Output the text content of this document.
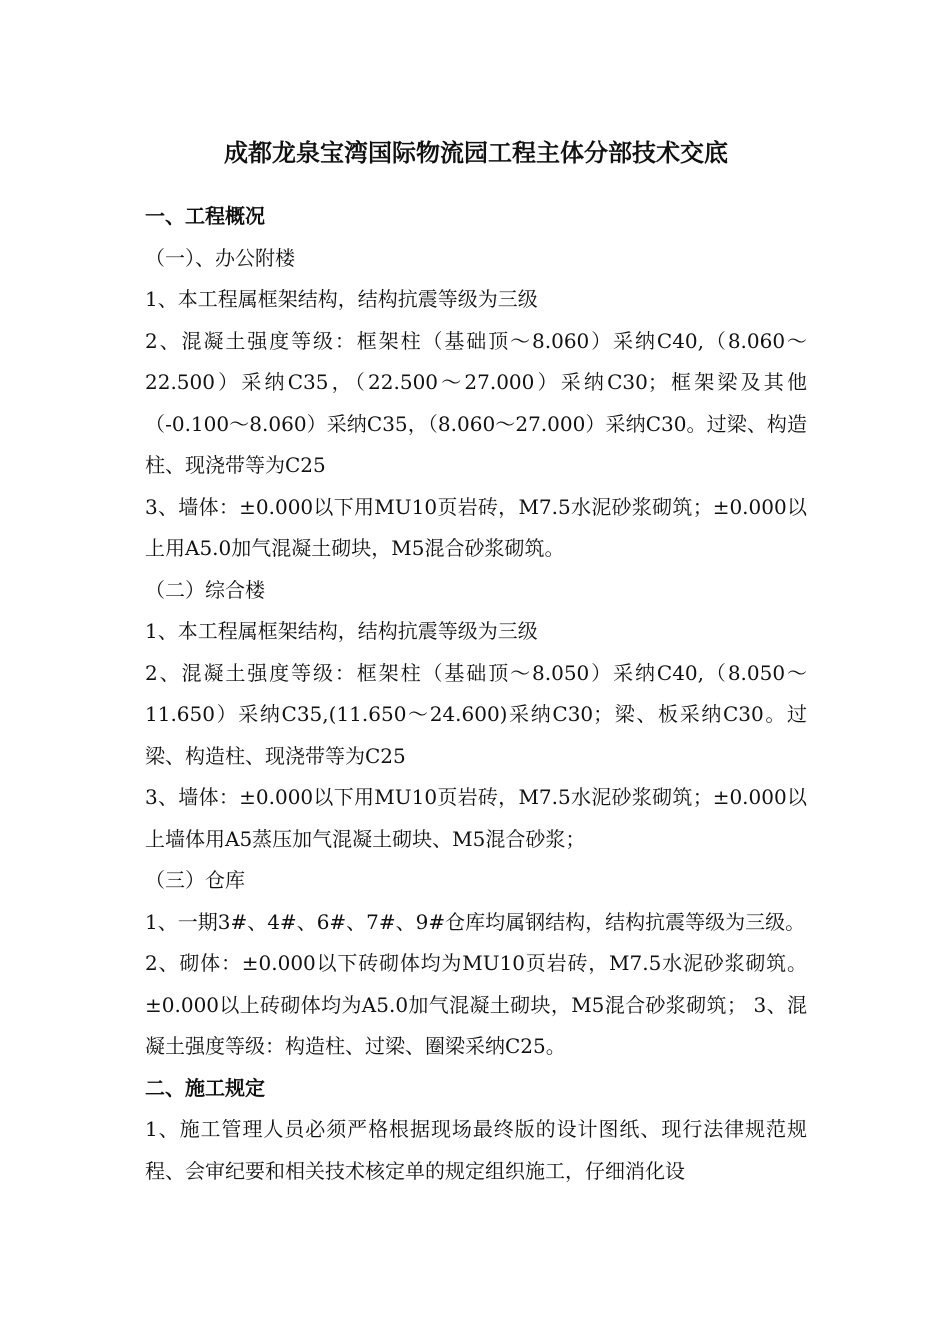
成都龙泉宝湾国际物流园工程主体分部技术交底
一、工程概况
（一）、办公附楼
1、本工程属框架结构，结构抗震等级为三级
2、混凝土强度等级：框架柱（基础顶～8.060）采纳C40,（8.060～22.500）采纳C35，（22.500～27.000）采纳C30；框架梁及其他（-0.100～8.060）采纳C35，（8.060～27.000）采纳C30。过梁、构造柱、现浇带等为C25
3、墙体：±0.000以下用MU10页岩砖，M7.5水泥砂浆砌筑；±0.000以上用A5.0加气混凝土砌块，M5混合砂浆砌筑。
（二）综合楼
1、本工程属框架结构，结构抗震等级为三级
2、混凝土强度等级：框架柱（基础顶～8.050）采纳C40,（8.050～11.650）采纳C35,(11.650～24.600)采纳C30；梁、板采纳C30。过梁、构造柱、现浇带等为C25
3、墙体：±0.000以下用MU10页岩砖，M7.5水泥砂浆砌筑；±0.000以上墙体用A5蒸压加气混凝土砌块、M5混合砂浆；
（三）仓库
1、一期3#、4#、6#、7#、9#仓库均属钢结构，结构抗震等级为三级。
2、砌体：±0.000以下砖砌体均为MU10页岩砖，M7.5水泥砂浆砌筑。±0.000以上砖砌体均为A5.0加气混凝土砌块，M5混合砂浆砌筑； 3、混凝土强度等级：构造柱、过梁、圈梁采纳C25。
二、施工规定
1、施工管理人员必须严格根据现场最终版的设计图纸、现行法律规范规程、会审纪要和相关技术核定单的规定组织施工，仔细消化设
